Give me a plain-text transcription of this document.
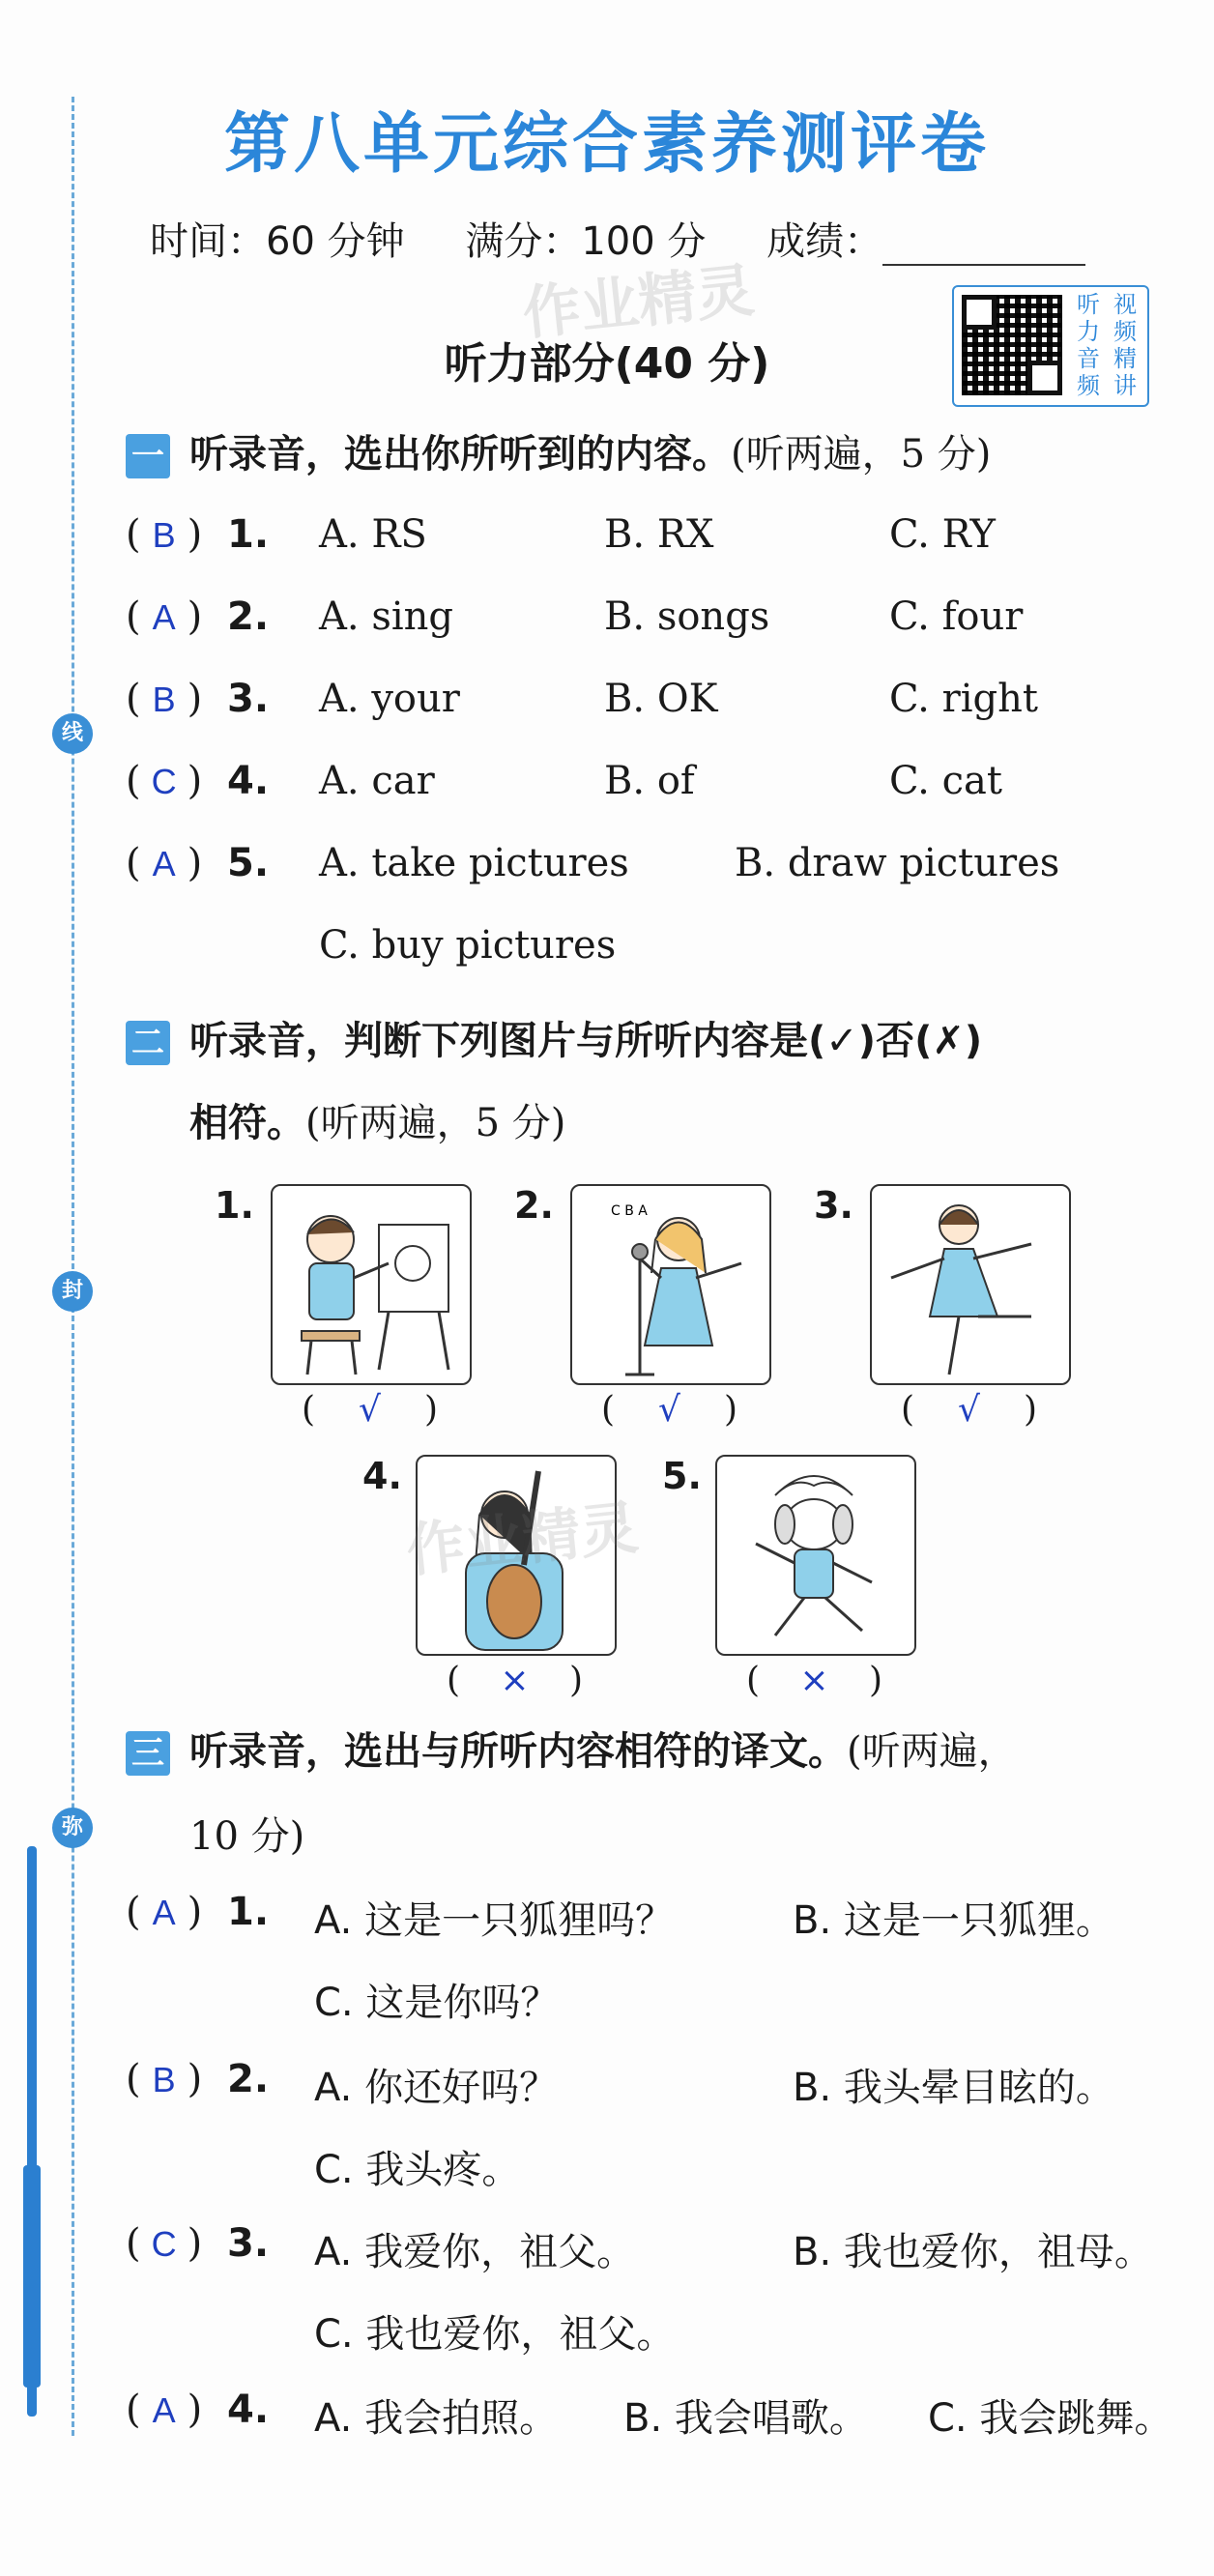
线
封
弥
第八单元综合素养测评卷
时间：60 分钟 满分：100 分 成绩：
作业精灵	听 视
力 频
音 精
频 讲
听力部分(40 分)
一 听录音，选出你所听到的内容。(听两遍，5 分)
( B ) 1. A. RS	B. RX	C. RY
( A ) 2. A. sing	B. songs	C. four
( B ) 3. A. your	B. OK	C. right
( C ) 4. A. car	B. of	C. cat
( A ) 5. A. take pictures	B. draw pictures
C. buy pictures
二 听录音，判断下列图片与所听内容是(✓)否(✗)
相符。(听两遍，5 分)
1.
( √ )
2.	C B A
( √ )
3.
( √ )
4.
( × )
5.
( × )
作业精灵
三 听录音，选出与所听内容相符的译文。(听两遍，
10 分)
( A ) 1. A. 这是一只狐狸吗？	B. 这是一只狐狸。
C. 这是你吗？
( B ) 2. A. 你还好吗？	B. 我头晕目眩的。
C. 我头疼。
( C ) 3. A. 我爱你，祖父。	B. 我也爱你，祖母。
C. 我也爱你，祖父。
( A ) 4. A. 我会拍照。 B. 我会唱歌。 C. 我会跳舞。
